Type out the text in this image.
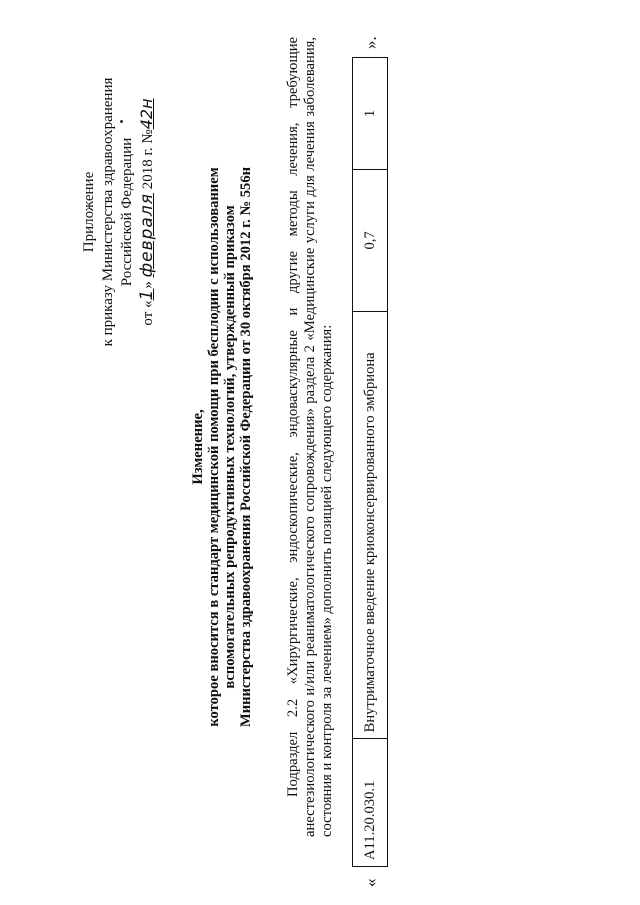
Приложение к приказу Министерства здравоохранения Российской Федерации
от «1» февраля 2018 г. №42н
Изменение, которое вносится в стандарт медицинской помощи при бесплодии с использованием вспомогательных репродуктивных технологий, утвержденный приказом Министерства здравоохранения Российской Федерации от 30 октября 2012 г. № 556н Подраздел 2.2 «Хирургические, эндоскопические, эндоваскулярные и другие методы лечения, требующие анестезиологического и/или реаниматологического сопровождения» раздела 2 «Медицинские услуги для лечения заболевания, состояния и контроля за лечением» дополнить позицией следующего содержания:

«
A11.20.030.1	Внутриматочное введение криоконсервированного эмбриона	0,7	1
».
